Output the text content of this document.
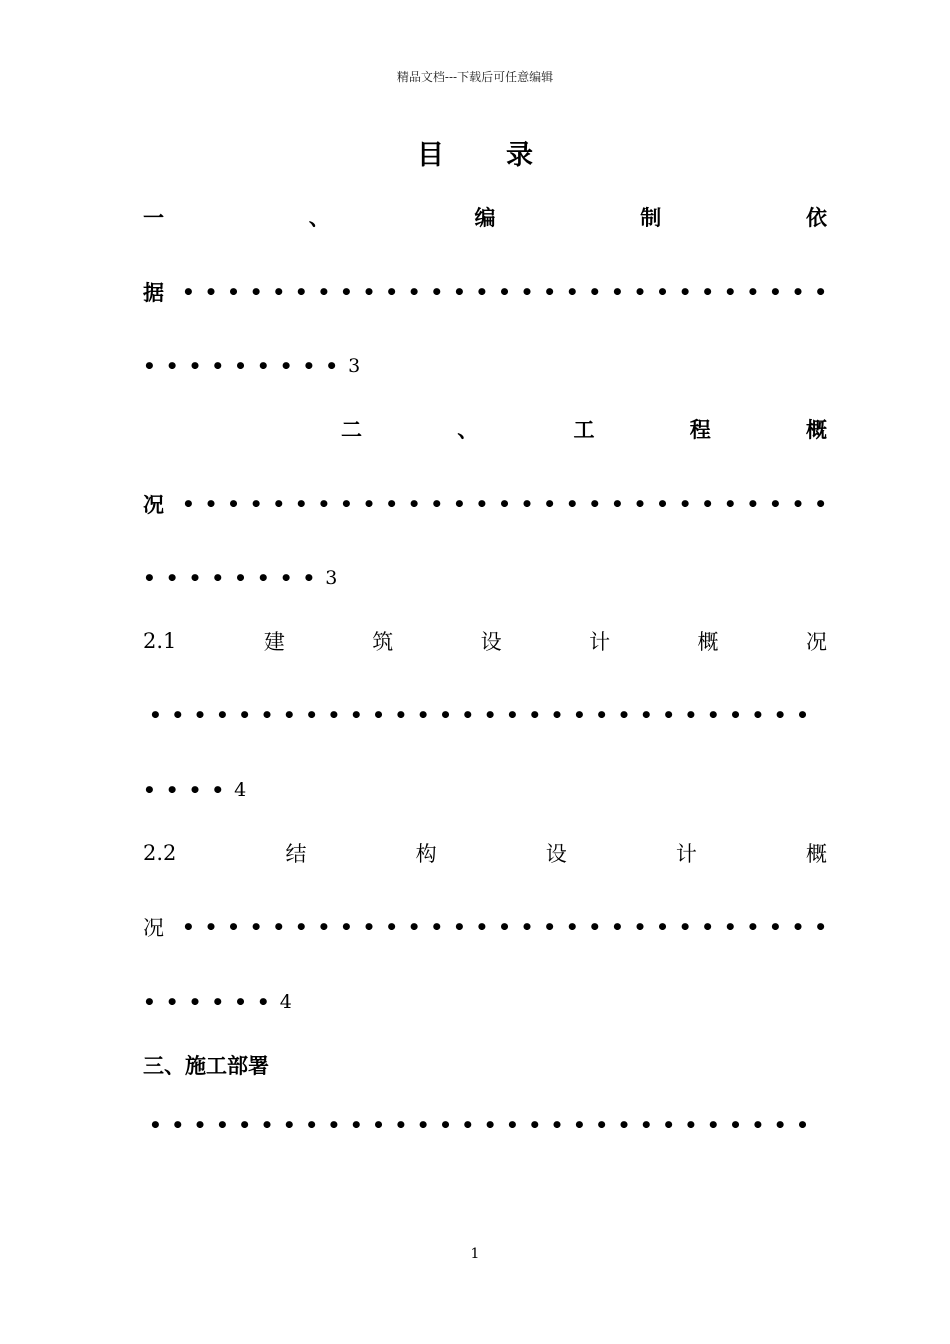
精品文档---下载后可任意编辑
目 录
一	、	编	制	依
据 • • • • • • • • • • • • • • • • • • • • • • • • • • • • •
••••••••• 3
二	、	工	程	概
况 • • • • • • • • • • • • • • • • • • • • • • • • • • • • •
•••••••• 3
2.1	建	筑	设	计	概	况
• • • • • • • • • • • • • • • • • • • • • • • • • • • • • •
•••• 4
2.2	结	构	设	计	概
况 • • • • • • • • • • • • • • • • • • • • • • • • • • • • •
•••••• 4
三、施工部署
• • • • • • • • • • • • • • • • • • • • • • • • • • • • • •
1
